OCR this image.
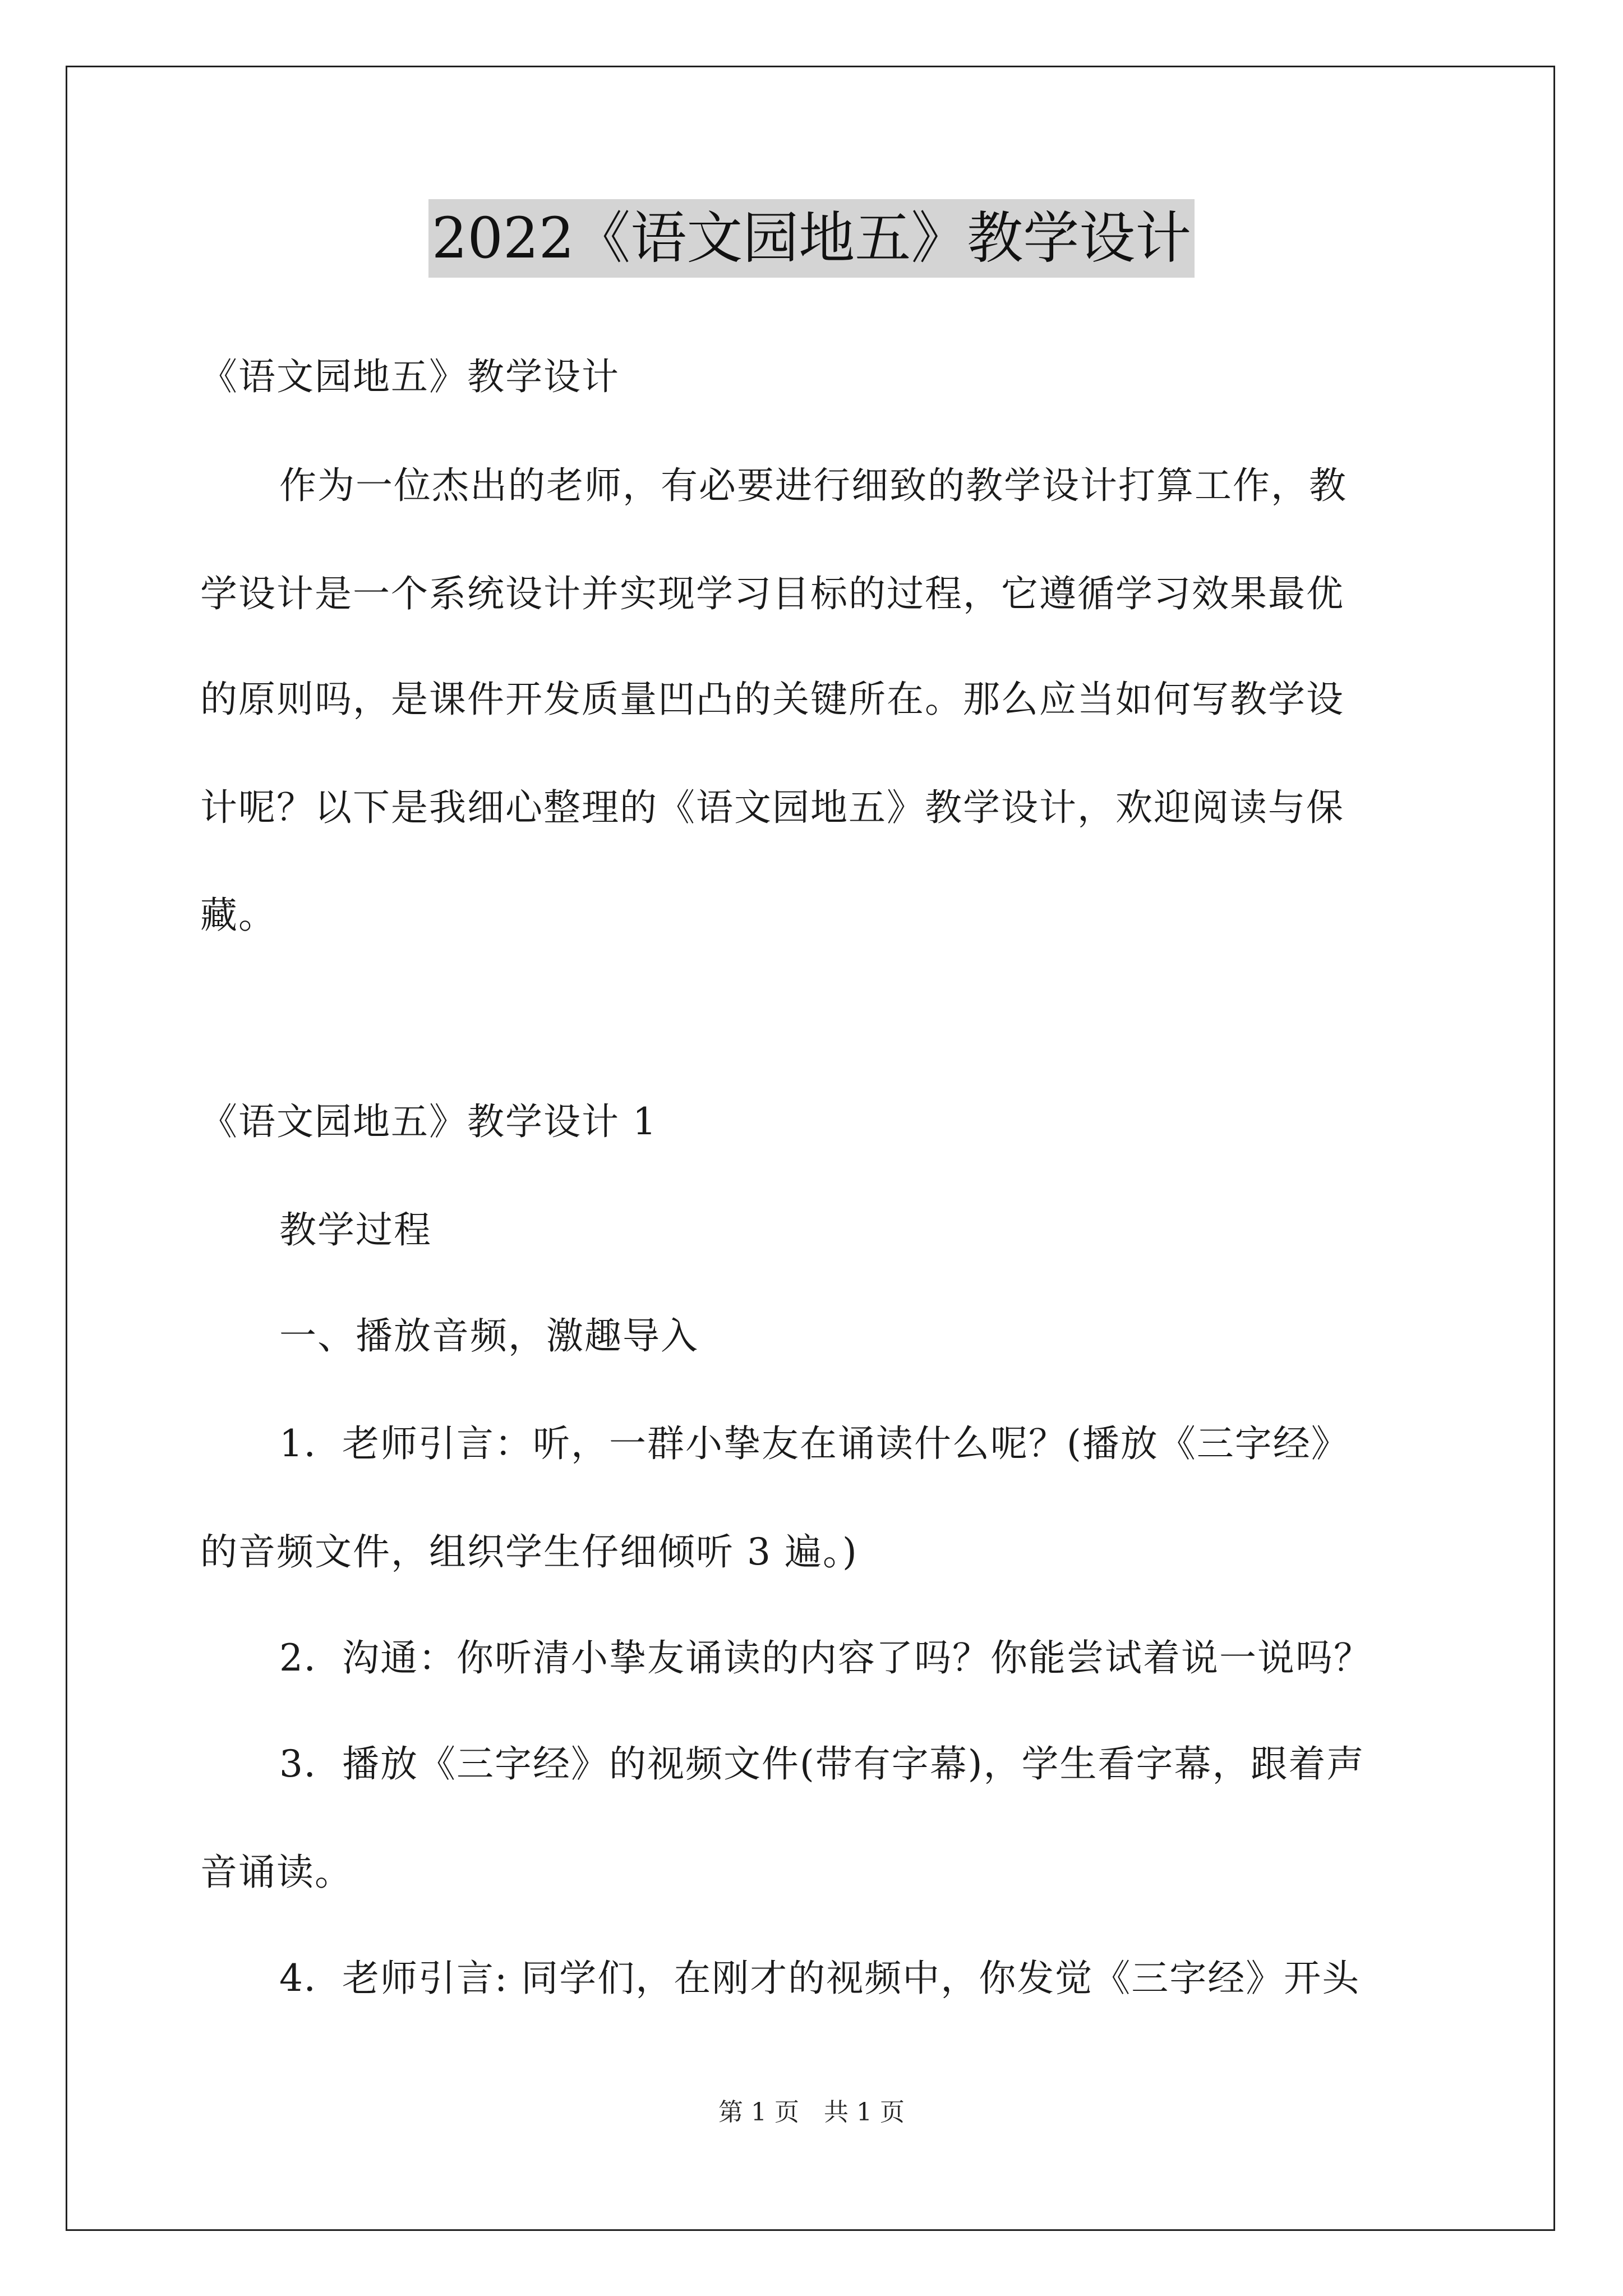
2022《语文园地五》教学设计
《语文园地五》教学设计
作为一位杰出的老师，有必要进行细致的教学设计打算工作，教
学设计是一个系统设计并实现学习目标的过程，它遵循学习效果最优
的原则吗，是课件开发质量凹凸的关键所在。那么应当如何写教学设
计呢？以下是我细心整理的《语文园地五》教学设计，欢迎阅读与保
藏。
《语文园地五》教学设计 1
教学过程
一、播放音频，激趣导入
1．老师引言：听，一群小挚友在诵读什么呢？(播放《三字经》
的音频文件，组织学生仔细倾听 3 遍。)
2．沟通：你听清小挚友诵读的内容了吗？你能尝试着说一说吗？
3．播放《三字经》的视频文件(带有字幕)，学生看字幕，跟着声
音诵读。
4．老师引言: 同学们，在刚才的视频中，你发觉《三字经》开头
第 1 页　共 1 页
